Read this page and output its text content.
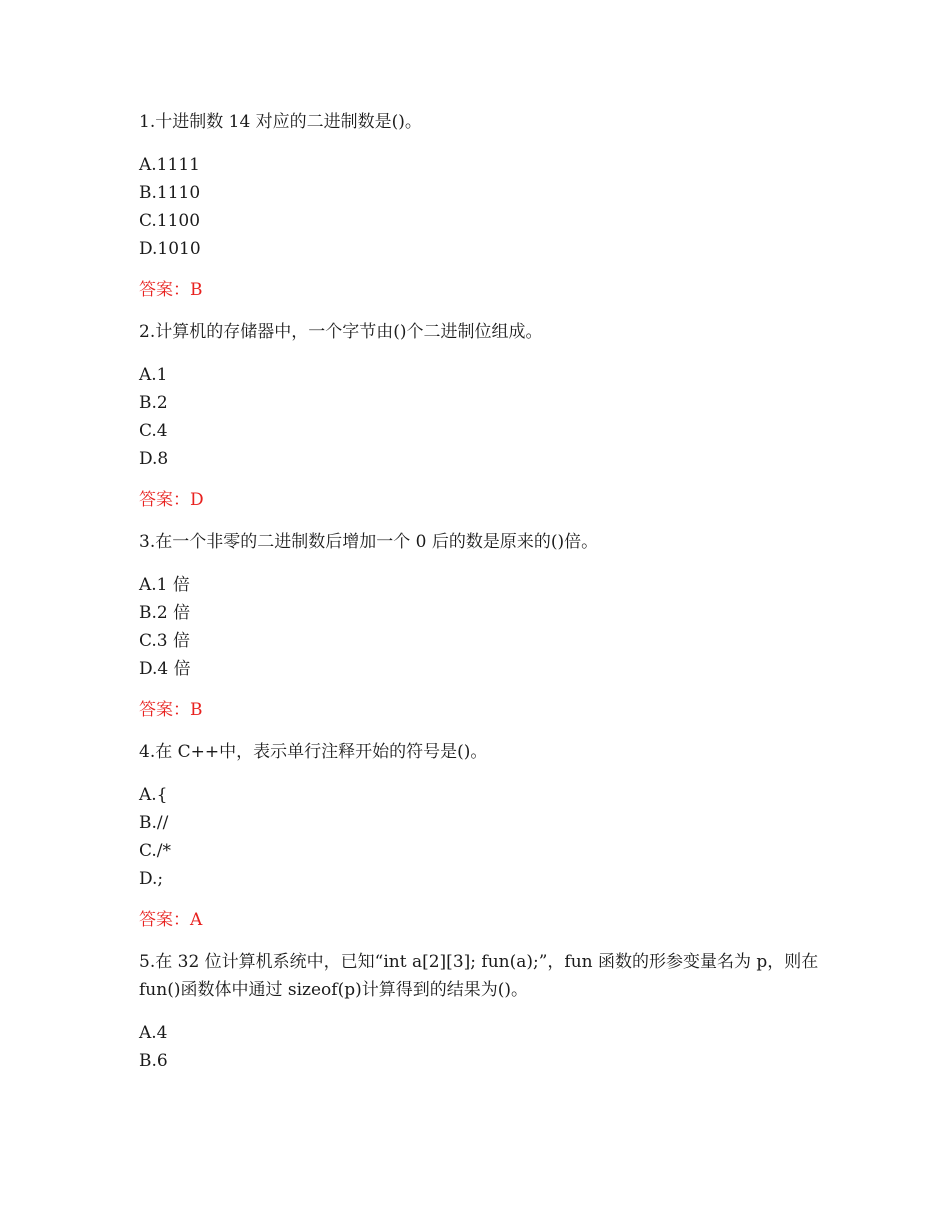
1.十进制数 14 对应的二进制数是()。
A.1111
B.1110
C.1100
D.1010
答案：B
2.计算机的存储器中，一个字节由()个二进制位组成。
A.1
B.2
C.4
D.8
答案：D
3.在一个非零的二进制数后增加一个 0 后的数是原来的()倍。
A.1 倍
B.2 倍
C.3 倍
D.4 倍
答案：B
4.在 C++中，表示单行注释开始的符号是()。
A.{
B.//
C./*
D.;
答案：A
5.在 32 位计算机系统中，已知“int a[2][3]; fun(a);”，fun 函数的形参变量名为 p，则在 fun()函数体中通过 sizeof(p)计算得到的结果为()。
A.4
B.6
